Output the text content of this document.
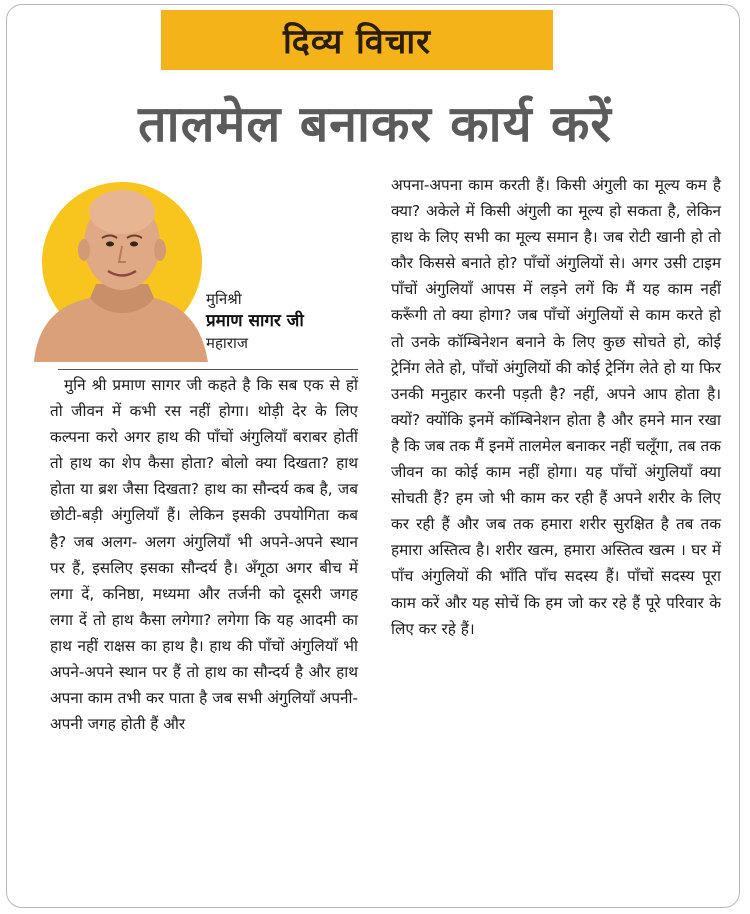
दिव्य विचार
तालमेल बनाकर कार्य करें
मुनिश्री
प्रमाण सागर जी
महाराज

मुनि श्री प्रमाण सागर जी कहते है कि सब एक से हों तो जीवन में कभी रस नहीं होगा। थोड़ी देर के लिए कल्पना करो अगर हाथ की पाँचों अंगुलियाँ बराबर होतीं तो हाथ का शेप कैसा होता? बोलो क्या दिखता? हाथ होता या ब्रश जैसा दिखता? हाथ का सौन्दर्य कब है, जब छोटी-बड़ी अंगुलियाँ हैं। लेकिन इसकी उपयोगिता कब है? जब अलग- अलग अंगुलियाँ भी अपने-अपने स्थान पर हैं, इसलिए इसका सौन्दर्य है। अँगूठा अगर बीच में लगा दें, कनिष्ठा, मध्यमा और तर्जनी को दूसरी जगह लगा दें तो हाथ कैसा लगेगा? लगेगा कि यह आदमी का हाथ नहीं राक्षस का हाथ है। हाथ की पाँचों अंगुलियाँ भी अपने-अपने स्थान पर हैं तो हाथ का सौन्दर्य है और हाथ अपना काम तभी कर पाता है जब सभी अंगुलियाँ अपनी-अपनी जगह होती हैं और

अपना-अपना काम करती हैं। किसी अंगुली का मूल्य कम है क्या? अकेले में किसी अंगुली का मूल्य हो सकता है, लेकिन हाथ के लिए सभी का मूल्य समान है। जब रोटी खानी हो तो कौर किससे बनाते हो? पाँचों अंगुलियों से। अगर उसी टाइम पाँचों अंगुलियाँ आपस में लड़ने लगें कि मैं यह काम नहीं करूँगी तो क्या होगा? जब पाँचों अंगुलियों से काम करते हो तो उनके कॉम्बिनेशन बनाने के लिए कुछ सोचते हो, कोई ट्रेनिंग लेते हो, पाँचों अंगुलियों की कोई ट्रेनिंग लेते हो या फिर उनकी मनुहार करनी पड़ती है? नहीं, अपने आप होता है। क्यों? क्योंकि इनमें कॉम्बिनेशन होता है और हमने मान रखा है कि जब तक मैं इनमें तालमेल बनाकर नहीं चलूँगा, तब तक जीवन का कोई काम नहीं होगा। यह पाँचों अंगुलियाँ क्या सोचती हैं? हम जो भी काम कर रही हैं अपने शरीर के लिए कर रही हैं और जब तक हमारा शरीर सुरक्षित है तब तक हमारा अस्तित्व है। शरीर खत्म, हमारा अस्तित्व खत्म । घर में पाँच अंगुलियों की भाँति पाँच सदस्य हैं। पाँचों सदस्य पूरा काम करें और यह सोचें कि हम जो कर रहे हैं पूरे परिवार के लिए कर रहे हैं।
